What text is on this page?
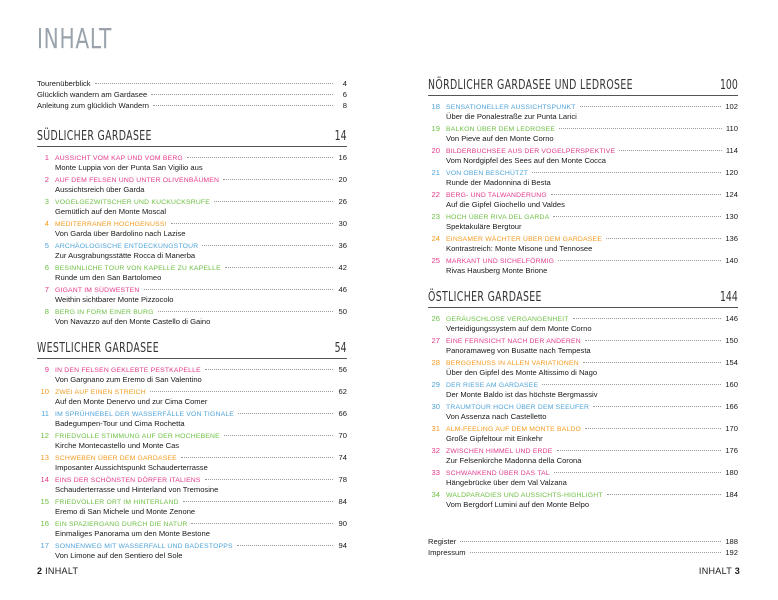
INHALT
Tourenüberblick	4
Glücklich wandern am Gardasee	6
Anleitung zum glücklich Wandern	8
SÜDLICHER GARDASEE	14
1 AUSSICHT VOM KAP UND VOM BERG	16
Monte Luppia von der Punta San Vigilio aus
2 AUF DEM FELSEN UND UNTER OLIVENBÄUMEN	20
Aussichtsreich über Garda
3 VOGELGEZWITSCHER UND KUCKUCKSRUFE	26
Gemütlich auf den Monte Moscal
4 MEDITERRANER HOCHGENUSS!	30
Von Garda über Bardolino nach Lazise
5 ARCHÄOLOGISCHE ENTDECKUNGSTOUR	36
Zur Ausgrabungsstätte Rocca di Manerba
6 BESINNLICHE TOUR VON KAPELLE ZU KAPELLE	42
Runde um den San Bartolomeo
7 GIGANT IM SÜDWESTEN	46
Weithin sichtbarer Monte Pizzocolo
8 BERG IN FORM EINER BURG	50
Von Navazzo auf den Monte Castello di Gaino
WESTLICHER GARDASEE	54
9 IN DEN FELSEN GEKLEBTE PESTKAPELLE	56
Von Gargnano zum Eremo di San Valentino
10 ZWEI AUF EINEN STREICH	62
Auf den Monte Denervo und zur Cima Comer
11 IM SPRÜHNEBEL DER WASSERFÄLLE VON TIGNALE	66
Badegumpen-Tour und Cima Rochetta
12 FRIEDVOLLE STIMMUNG AUF DER HOCHEBENE	70
Kirche Montecastello und Monte Cas
13 SCHWEBEN ÜBER DEM GARDASEE	74
Imposanter Aussichtspunkt Schauderterrasse
14 EINS DER SCHÖNSTEN DÖRFER ITALIENS	78
Schauderterrasse und Hinterland von Tremosine
15 FRIEDVOLLER ORT IM HINTERLAND	84
Eremo di San Michele und Monte Zenone
16 EIN SPAZIERGANG DURCH DIE NATUR	90
Einmaliges Panorama um den Monte Bestone
17 SONNENWEG MIT WASSERFALL UND BADESTOPPS	94
Von Limone auf den Sentiero del Sole
NÖRDLICHER GARDASEE UND LEDROSEE	100
18 SENSATIONELLER AUSSICHTSPUNKT	102
Über die Ponalestraße zur Punta Larici
19 BALKON ÜBER DEM LEDROSEE	110
Von Pieve auf den Monte Corno
20 BILDERBUCHSEE AUS DER VOGELPERSPEKTIVE	114
Vom Nordgipfel des Sees auf den Monte Cocca
21 VON OBEN BESCHÜTZT	120
Runde der Madonnina di Besta
22 BERG- UND TALWANDERUNG	124
Auf die Gipfel Giochello und Valdes
23 HOCH ÜBER RIVA DEL GARDA	130
Spektakuläre Bergtour
24 EINSAMER WÄCHTER ÜBER DEM GARDASEE	136
Kontrastreich: Monte Misone und Tennosee
25 MARKANT UND SICHELFÖRMIG	140
Rivas Hausberg Monte Brione
ÖSTLICHER GARDASEE	144
26 GERÄUSCHLOSE VERGANGENHEIT	146
Verteidigungssystem auf dem Monte Corno
27 EINE FERNSICHT NACH DER ANDEREN	150
Panoramaweg von Busatte nach Tempesta
28 BERGGENUSS IN ALLEN VARIATIONEN	154
Über den Gipfel des Monte Altissimo di Nago
29 DER RIESE AM GARDASEE	160
Der Monte Baldo ist das höchste Bergmassiv
30 TRAUMTOUR HOCH ÜBER DEM SEEUFER	166
Von Assenza nach Castelletto
31 ALM-FEELING AUF DEM MONTE BALDO	170
Große Gipfeltour mit Einkehr
32 ZWISCHEN HIMMEL UND ERDE	176
Zur Felsenkirche Madonna della Corona
33 SCHWANKEND ÜBER DAS TAL	180
Hängebrücke über dem Val Valzana
34 WALDPARADIES UND AUSSICHTS-HIGHLIGHT	184
Vom Bergdorf Lumini auf den Monte Belpo
Register	188
Impressum	192
2 INHALT	INHALT 3
